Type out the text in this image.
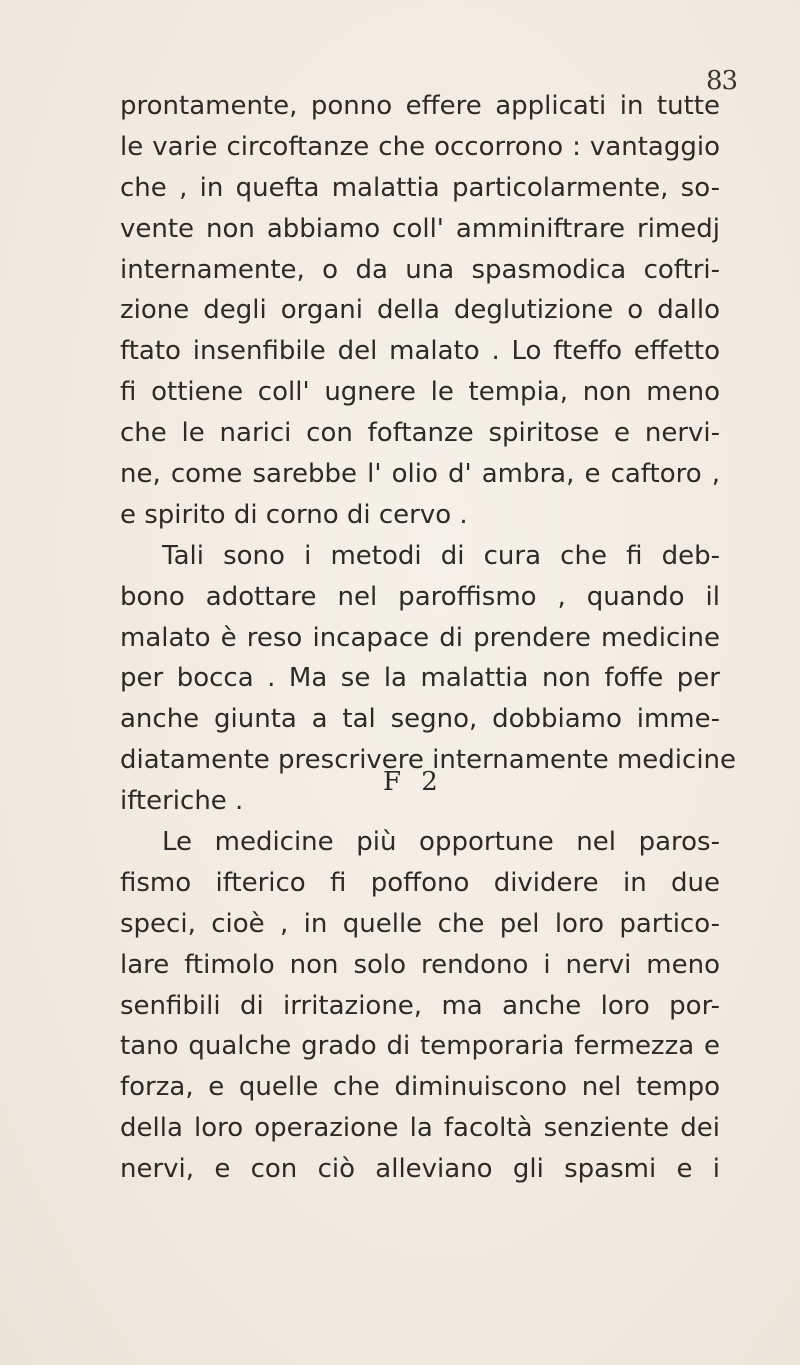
83
prontamente, ponno effere applicati in tutte
le varie circoftanze che occorrono : vantaggio
che , in quefta malattia particolarmente, so-
vente non abbiamo coll' amminiftrare rimedj
internamente, o da una spasmodica coftri-
zione degli organi della deglutizione o dallo
ftato insenfibile del malato . Lo fteffo effetto
fi ottiene coll' ugnere le tempia, non meno
che le narici con foftanze spiritose e nervi-
ne, come sarebbe l' olio d' ambra, e caftoro ,
e spirito di corno di cervo .
Tali sono i metodi di cura che fi deb-
bono adottare nel paroffismo , quando il
malato è reso incapace di prendere medicine
per bocca . Ma se la malattia non foffe per
anche giunta a tal segno, dobbiamo imme-
diatamente prescrivere internamente medicine
ifteriche .
Le medicine più opportune nel paros-
fismo ifterico fi poffono dividere in due
speci, cioè , in quelle che pel loro partico-
lare ftimolo non solo rendono i nervi meno
senfibili di irritazione, ma anche loro por-
tano qualche grado di temporaria fermezza e
forza, e quelle che diminuiscono nel tempo
della loro operazione la facoltà senziente dei
nervi, e con ciò alleviano gli spasmi e i
F 2
